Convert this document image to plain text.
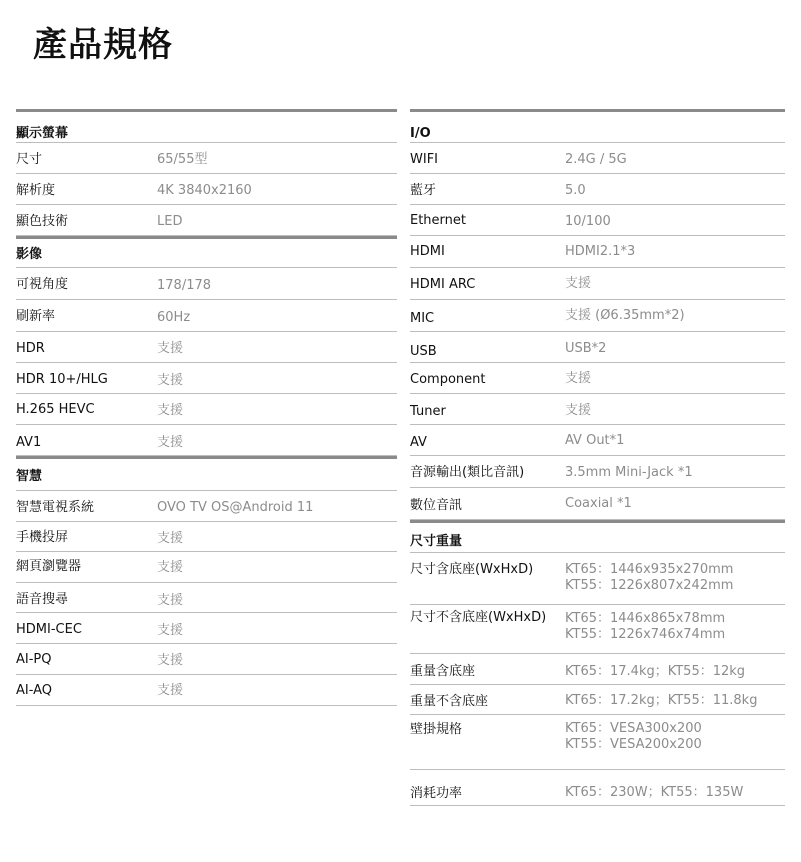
產品規格
顯示螢幕
尺寸	65/55型
解析度	4K 3840x2160
顯色技術	LED
影像
可視角度	178/178
刷新率	60Hz
HDR	支援
HDR 10+/HLG	支援
H.265 HEVC	支援
AV1	支援
智慧
智慧電視系統	OVO TV OS@Android 11
手機投屏	支援
網頁瀏覽器	支援
語音搜尋	支援
HDMI-CEC	支援
AI-PQ	支援
AI-AQ	支援
I/O
WIFI	2.4G / 5G
藍牙	5.0
Ethernet	10/100
HDMI	HDMI2.1*3
HDMI ARC	支援
MIC	支援 (Ø6.35mm*2)
USB	USB*2
Component	支援
Tuner	支援
AV	AV Out*1
音源輸出(類比音訊)	3.5mm Mini-Jack *1
數位音訊	Coaxial *1
尺寸重量
尺寸含底座(WxHxD) KT65：1446x935x270mm
KT55：1226x807x242mm
尺寸不含底座(WxHxD) KT65：1446x865x78mm
KT55：1226x746x74mm
重量含底座	KT65：17.4kg；KT55：12kg
重量不含底座	KT65：17.2kg；KT55：11.8kg
壁掛規格	KT65：VESA300x200
KT55：VESA200x200
消耗功率	KT65：230W；KT55：135W
